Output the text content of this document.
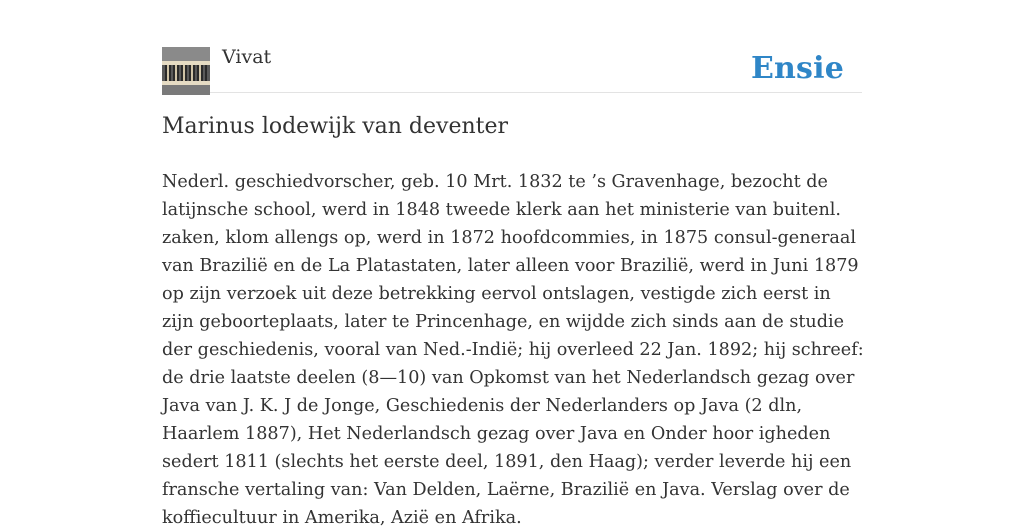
Vivat	Ensie
Marinus lodewijk van deventer

Nederl. geschiedvorscher, geb. 10 Mrt. 1832 te ’s Gravenhage, bezocht de latijnsche school, werd in 1848 tweede klerk aan het ministerie van buitenl. zaken, klom allengs op, werd in 1872 hoofdcommies, in 1875 consul-generaal van Brazilië en de La Platastaten, later alleen voor Brazilië, werd in Juni 1879 op zijn verzoek uit deze betrekking eervol ontslagen, vestigde zich eerst in zijn geboorteplaats, later te Princenhage, en wijdde zich sinds aan de studie der geschiedenis, vooral van Ned.-Indië; hij overleed 22 Jan. 1892; hij schreef: de drie laatste deelen (8—10) van Opkomst van het Nederlandsch gezag over Java van J. K. J de Jonge, Geschiedenis der Nederlanders op Java (2 dln, Haarlem 1887), Het Nederlandsch gezag over Java en Onder hoor igheden sedert 1811 (slechts het eerste deel, 1891, den Haag); verder leverde hij een fransche vertaling van: Van Delden, Laërne, Brazilië en Java. Verslag over de koffiecultuur in Amerika, Azië en Afrika.
